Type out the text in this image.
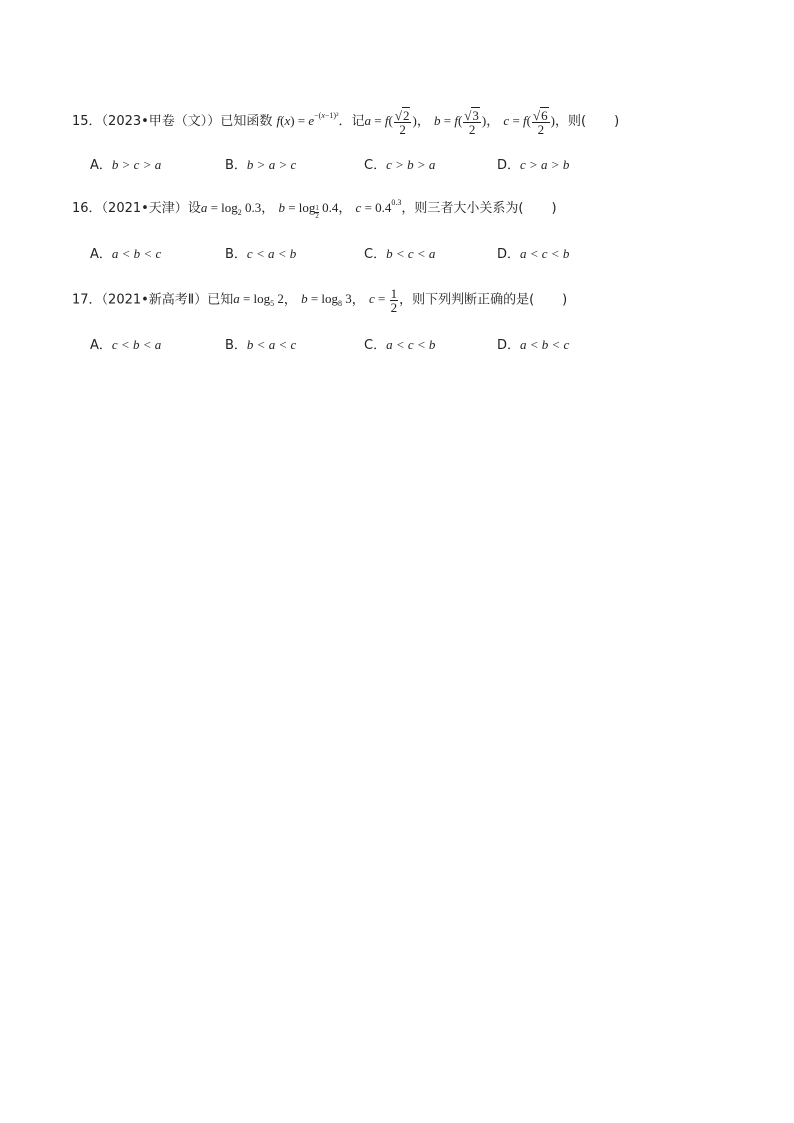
15．（2023•甲卷（文））已知函数 $f(x) = e^{-(x-1)^2}$．记$a = f( \frac{√2}{2}$ )， $b = f( \frac{√3}{2}$ )， $c = f( \frac{√6}{2}$ )，则( )
A．b > c > a	B．b > a > c	C．c > b > a	D．c > a > b
16．（2021•天津）设$a = \log_2 0.3$， $b = \log \frac{1}{2} 0.4$， $c = 0.4^{0.3}$，则三者大小关系为( )
A．a < b < c	B．c < a < b	C．b < c < a	D．a < c < b
17．（2021•新高考Ⅱ）已知$a = \log_5 2$， $b = \log_8 3$， $c = \frac{1}{2}$ ，则下列判断正确的是( )
A．c < b < a	B．b < a < c	C．a < c < b	D．a < b < c
